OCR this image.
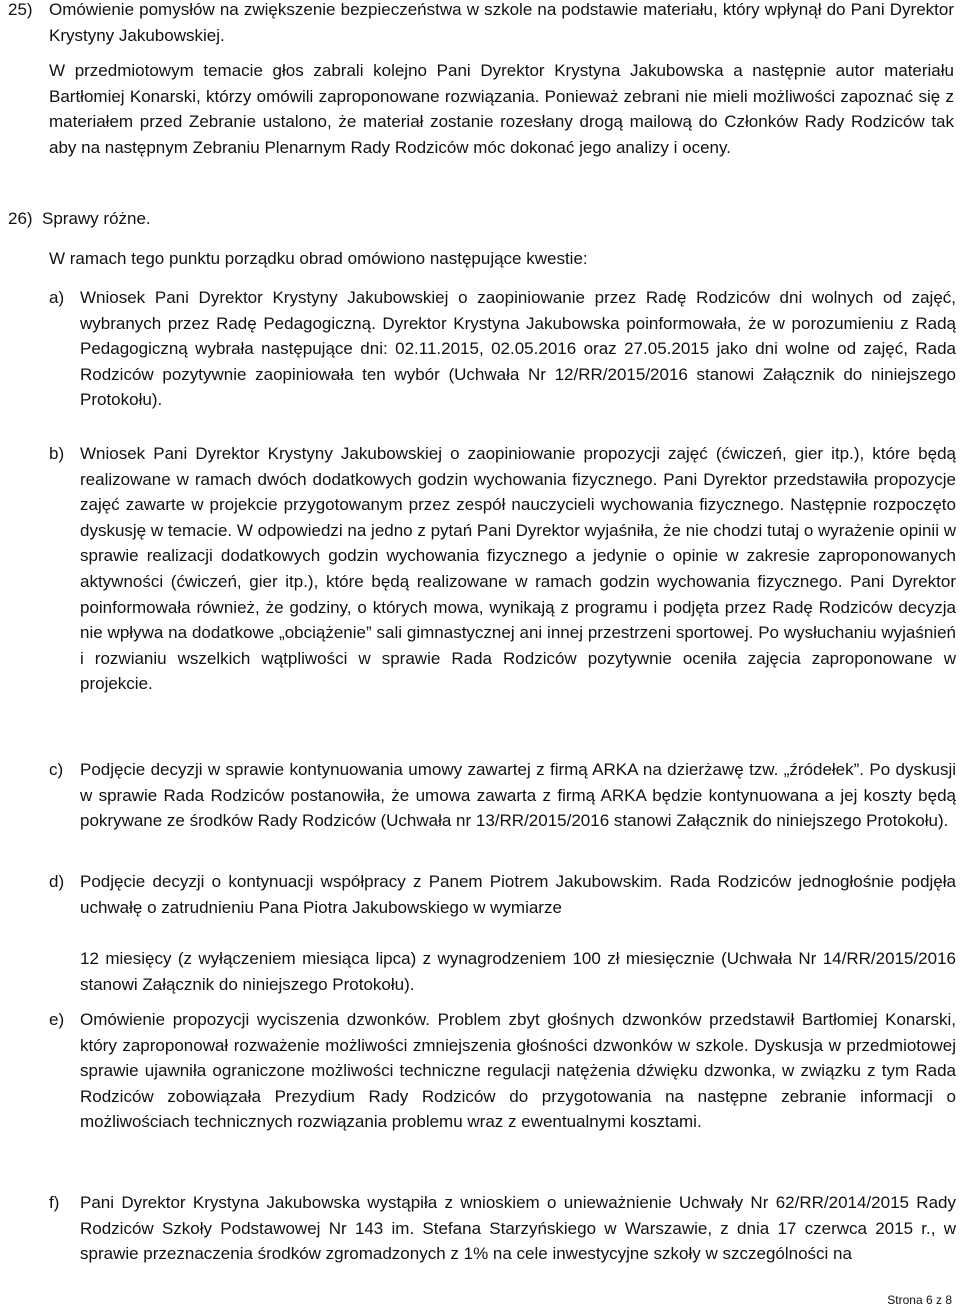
25) Omówienie pomysłów na zwiększenie bezpieczeństwa w szkole na podstawie materiału, który wpłynął do Pani Dyrektor Krystyny Jakubowskiej.
W przedmiotowym temacie głos zabrali kolejno Pani Dyrektor Krystyna Jakubowska a następnie autor materiału Bartłomiej Konarski, którzy omówili zaproponowane rozwiązania. Ponieważ zebrani nie mieli możliwości zapoznać się z materiałem przed Zebranie ustalono, że materiał zostanie rozesłany drogą mailową do Członków Rady Rodziców tak aby na następnym Zebraniu Plenarnym Rady Rodziców móc dokonać jego analizy i oceny.
26) Sprawy różne.
W ramach tego punktu porządku obrad omówiono następujące kwestie:
a) Wniosek Pani Dyrektor Krystyny Jakubowskiej o zaopiniowanie przez Radę Rodziców dni wolnych od zajęć, wybranych przez Radę Pedagogiczną. Dyrektor Krystyna Jakubowska poinformowała, że w porozumieniu z Radą Pedagogiczną wybrała następujące dni: 02.11.2015, 02.05.2016 oraz 27.05.2015 jako dni wolne od zajęć, Rada Rodziców pozytywnie zaopiniowała ten wybór (Uchwała Nr 12/RR/2015/2016 stanowi Załącznik do niniejszego Protokołu).
b) Wniosek Pani Dyrektor Krystyny Jakubowskiej o zaopiniowanie propozycji zajęć (ćwiczeń, gier itp.), które będą realizowane w ramach dwóch dodatkowych godzin wychowania fizycznego. Pani Dyrektor przedstawiła propozycje zajęć zawarte w projekcie przygotowanym przez zespół nauczycieli wychowania fizycznego. Następnie rozpoczęto dyskusję w temacie. W odpowiedzi na jedno z pytań Pani Dyrektor wyjaśniła, że nie chodzi tutaj o wyrażenie opinii w sprawie realizacji dodatkowych godzin wychowania fizycznego a jedynie o opinie w zakresie zaproponowanych aktywności (ćwiczeń, gier itp.), które będą realizowane w ramach godzin wychowania fizycznego. Pani Dyrektor poinformowała również, że godziny, o których mowa, wynikają z programu i podjęta przez Radę Rodziców decyzja nie wpływa na dodatkowe „obciążenie” sali gimnastycznej ani innej przestrzeni sportowej. Po wysłuchaniu wyjaśnień i rozwianiu wszelkich wątpliwości w sprawie Rada Rodziców pozytywnie oceniła zajęcia zaproponowane w projekcie.
c) Podjęcie decyzji w sprawie kontynuowania umowy zawartej z firmą ARKA na dzierżawę tzw. „źródełek”. Po dyskusji w sprawie Rada Rodziców postanowiła, że umowa zawarta z firmą ARKA będzie kontynuowana a jej koszty będą pokrywane ze środków Rady Rodziców (Uchwała nr 13/RR/2015/2016 stanowi Załącznik do niniejszego Protokołu).
d) Podjęcie decyzji o kontynuacji współpracy z Panem Piotrem Jakubowskim. Rada Rodziców jednogłośnie podjęła uchwałę o zatrudnieniu Pana Piotra Jakubowskiego w wymiarze
12 miesięcy (z wyłączeniem miesiąca lipca) z wynagrodzeniem 100 zł miesięcznie (Uchwała Nr 14/RR/2015/2016 stanowi Załącznik do niniejszego Protokołu).
e) Omówienie propozycji wyciszenia dzwonków. Problem zbyt głośnych dzwonków przedstawił Bartłomiej Konarski, który zaproponował rozważenie możliwości zmniejszenia głośności dzwonków w szkole. Dyskusja w przedmiotowej sprawie ujawniła ograniczone możliwości techniczne regulacji natężenia dźwięku dzwonka, w związku z tym Rada Rodziców zobowiązała Prezydium Rady Rodziców do przygotowania na następne zebranie informacji o możliwościach technicznych rozwiązania problemu wraz z ewentualnymi kosztami.
f) Pani Dyrektor Krystyna Jakubowska wystąpiła z wnioskiem o unieważnienie Uchwały Nr 62/RR/2014/2015 Rady Rodziców Szkoły Podstawowej Nr 143 im. Stefana Starzyńskiego w Warszawie, z dnia 17 czerwca 2015 r., w sprawie przeznaczenia środków zgromadzonych z 1% na cele inwestycyjne szkoły w szczególności na
Strona 6 z 8
